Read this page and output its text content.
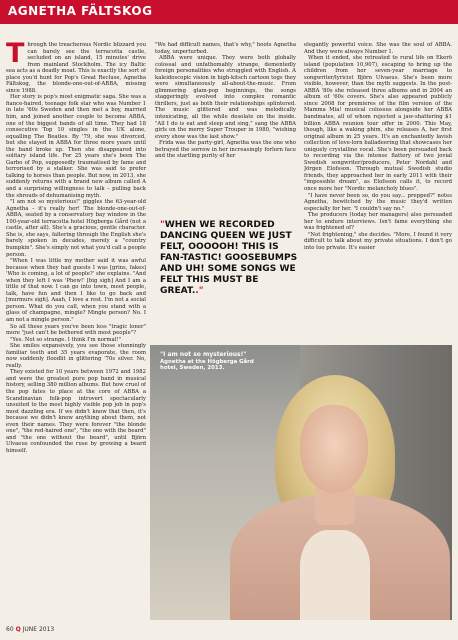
AGNETHA FÄLTSKOG

Through the treacherous Nordic blizzard you can barely see the terracotta castle, secluded on an island, 15 minutes' drive from mainland Stockholm. The icy Baltic sea acts as a deadly moat. This is exactly the sort of place you'd hunt for Pop's Great Recluse, Agnetha Fältskog, the blonde-one-out-of-ABBA, missing since 1988.

Her story is pop's most enigmatic saga. She was a fiance-haired, teenage folk star who was Number 1 in late '60s Sweden and then met a boy, married him, and joined another couple to become ABBA, one of the biggest bands of all time. They had 18 consecutive Top 10 singles in the UK alone, equalling The Beatles. By '79, she was divorced, but she stayed in ABBA for three more years until the band broke up. Then she disappeared into solitary island life. For 25 years she's been The Garbo of Pop, supposedly traumatised by fame and terrorised by a stalker. She was said to prefer talking to horses than people. But now, in 2013, she suddenly returns with a brand new album called A and a surprising willingness to talk – pulling back the shrouds of dehumanising myth.

"I am not so mysterious!" giggles the 63-year-old Agnetha – it's really her! The blonde-one-out-of-ABBA, seated by a conservatory bay window in the 100-year-old terracotta hotel Högberga Gård (not a castle, after all). She's a gracious, gentle character. She is, she says, faltering through the English she's barely spoken in decades, merely a "country bumpkin". She's simply not what you'd call a people person.

"When I was little my mother said it was awful because when they had guests I was [grins, fakes] 'Who is coming, a lot of people?' she explains. "And when they left I was 'Phew!' [big sigh] And I am a little of that now. I can go into town, meet people, talk, have fun and then I like to go back and [murmurs sigh]. Aaah, I love a rest. I'm not a social person. What do you call, when you stand with a glass of champagne, mingle? Mingle person? No. I am not a mingle person."

So all these years you've been less "tragic loner" more "just can't be bothered with most people"?

"Yes. Not so strange. I think I'm normal!"

She smiles expansively, you see those stunningly familiar teeth and 35 years evaporate, the room now suddenly floodlit in glittering '70s silver. No, really.

They existed for 10 years between 1972 and 1982 and were the greatest pure pop band in musical history, selling 380 million albums. But how cruel of the pop fates to place at the core of ABBA a Scandinavian folk-pop introvert spectacularly unsuited to the most highly visible pop job in pop's most dazzling era. If we didn't know that then, it's because we didn't know anything about them, not even their names. They were forever "the blonde one", "the red-haired one", "the one with the beard" and "the one without the beard", until Björn Ulvaeus confounded the ruse by growing a beard himself.

"We had difficult names, that's why," hoots Agnetha today, unperturbed.

ABBA were unique. They were both globally colossal and unfathomably strange, dementedly foreign personalities who struggled with English. A kaleidoscopic vision in high-kitsch cartoon togs they were simultaneously all-about-the-music. From glimmering glam-pop beginnings, the songs staggeringly evolved into complex romantic thrillers, just as both their relationships splintered. The music glittered and was melodically intoxicating, all the while desolate on the inside. "All I do is eat and sleep and sing," sang the ABBA girls on the merry Super Trouper in 1980, "wishing every show was the last show."

Frida was the party-girl, Agnetha was the one who betrayed the sorrow in her increasingly forlorn face and the startling purity of her

"WHEN WE RECORDED DANCING QUEEN WE JUST FELT, OOOOOH! THIS IS FAN-TASTIC! GOOSEBUMPS AND UH! SOME SONGS WE FELT THIS MUST BE GREAT.."

elegantly powerful voice. She was the soul of ABBA. And they were always Number 1.

When it ended, she retreated to rural life on Ekerö island (population 10,907), escaping to bring up the children from her seven-year marriage to songwriter/lyricist Björn Ulvaeus. She's been more visible, however, than the myth suggests. In the post-ABBA '80s she released three albums and in 2004 an album of '60s covers. She's also appeared publicly since 2008 for premieres of the film version of the Mamma Mia! musical colossus alongside her ABBA bandmates, all of whom rejected a jaw-shattering $1 billion ABBA reunion tour offer in 2000. This May, though, like a waking phim, she releases A, her first original album in 25 years. It's an enchantedly lavish collection of love-lorn balladeering that showcases her uniquely crystalline vocal. She's been persuaded back to recording via the intense flattery of two jovial Swedish songwriter/producers, Peter Nordahl and Jörgen Elofsson. Through mutual Swedish studio friends, they approached her in early 2011 with their "impossible dream", as Elofsson calls it, to record once more her "Nordic melancholy blues".

"I have never been so, do you say... prepped?" notes Agnetha, bewitched by the music they'd written especially for her. "I couldn't say no."

The producers (today her managers) also persuaded her to endure interviews. Isn't fame everything she was frightened of?

"Not frightening," she decides. "More, I found it very difficult to talk about my private situations. I don't go into too private. It's easier

"I am not so mysterious!"
Agnetha at the Högberga Gård hotel, Sweden, 2013.
60 Q JUNE 2013
